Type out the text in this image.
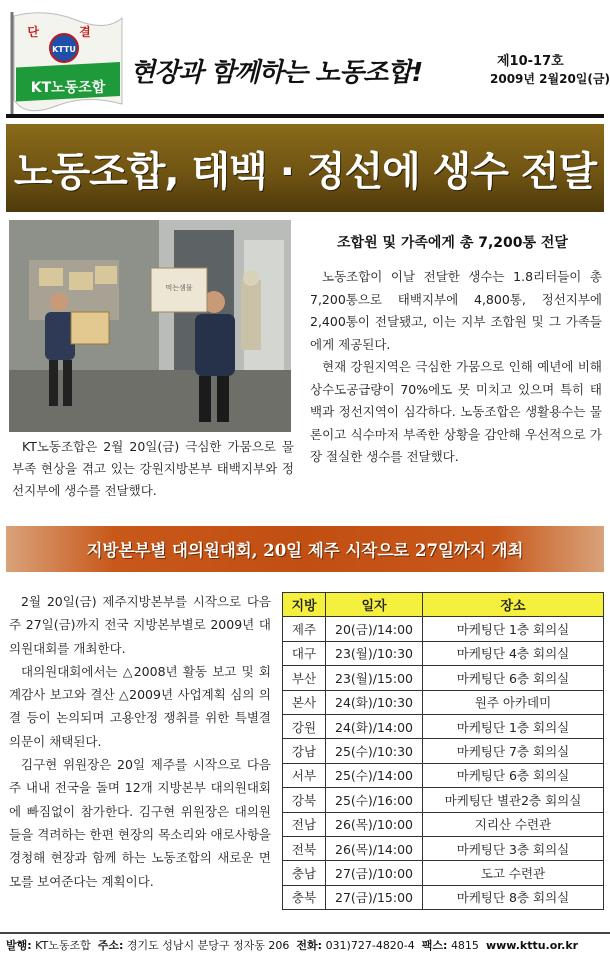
KTTU
단 결
KT노동조합 현장과 함께하는 노동조합!	제10-17호
2009년 2월20일(금)
노동조합, 태백 · 정선에 생수 전달
먹는샘물
KT노동조합은 2월 20일(금) 극심한 가뭄으로 물부족 현상을 겪고 있는 강원지방본부 태백지부와 정선지부에 생수를 전달했다.
조합원 및 가족에게 총 7,200통 전달

노동조합이 이날 전달한 생수는 1.8리터들이 총 7,200통으로 태백지부에 4,800통, 정선지부에 2,400통이 전달됐고, 이는 지부 조합원 및 그 가족들에게 제공된다.

현재 강원지역은 극심한 가뭄으로 인해 예년에 비해 상수도공급량이 70%에도 못 미치고 있으며 특히 태백과 정선지역이 심각하다. 노동조합은 생활용수는 물론이고 식수마저 부족한 상황을 감안해 우선적으로 가장 절실한 생수를 전달했다.

지방본부별 대의원대회, 20일 제주 시작으로 27일까지 개최

2월 20일(금) 제주지방본부를 시작으로 다음주 27일(금)까지 전국 지방본부별로 2009년 대의원대회를 개최한다.

대의원대회에서는 △2008년 활동 보고 및 회계감사 보고와 결산 △2009년 사업계획 심의 의결 등이 논의되며 고용안정 쟁취를 위한 특별결의문이 채택된다.

김구현 위원장은 20일 제주를 시작으로 다음주 내내 전국을 돌며 12개 지방본부 대의원대회에 빠짐없이 참가한다. 김구현 위원장은 대의원들을 격려하는 한편 현장의 목소리와 애로사항을 경청해 현장과 함께 하는 노동조합의 새로운 면모를 보여준다는 계획이다.

지방	일자	장소
제주	20(금)/14:00	마케팅단 1층 회의실
대구	23(월)/10:30	마케팅단 4층 회의실
부산	23(월)/15:00	마케팅단 6층 회의실
본사	24(화)/10:30	원주 아카데미
강원	24(화)/14:00	마케팅단 1층 회의실
강남	25(수)/10:30	마케팅단 7층 회의실
서부	25(수)/14:00	마케팅단 6층 회의실
강북	25(수)/16:00	마케팅단 별관2층 회의실
전남	26(목)/10:00	지리산 수련관
전북	26(목)/14:00	마케팅단 3층 회의실
충남	27(금)/10:00	도고 수련관
충북	27(금)/15:00	마케팅단 8층 회의실
발행: KT노동조합 주소: 경기도 성남시 분당구 정자동 206 전화: 031)727-4820-4 팩스: 4815 www.kttu.or.kr
